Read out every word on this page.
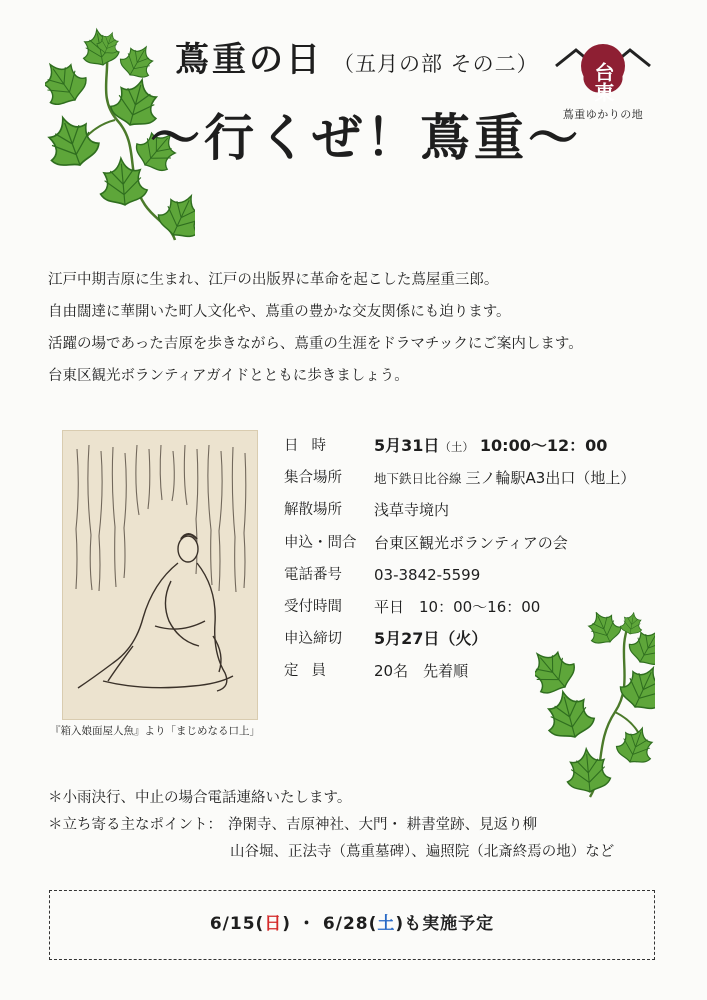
蔦重の日 （五月の部 その二）
～行くぜ！蔦重～
台東
蔦重ゆかりの地

江戸中期吉原に生まれ、江戸の出版界に革命を起こした蔦屋重三郎。

自由闊達に華開いた町人文化や、蔦重の豊かな交友関係にも迫ります。

活躍の場であった吉原を歩きながら、蔦重の生涯をドラマチックにご案内します。

台東区観光ボランティアガイドとともに歩きましょう。

『箱入娘面屋人魚』より「まじめなる口上」
日時	5月31日（土） 10:00～12：00
集合場所	地下鉄日比谷線 三ノ輪駅A3出口（地上）
解散場所	浅草寺境内
申込・問合	台東区観光ボランティアの会
電話番号	03-3842-5599
受付時間	平日　10：00～16：00
申込締切	5月27日（火）
定員	20名　先着順
＊小雨決行、中止の場合電話連絡いたします。
＊立ち寄る主なポイント： 浄閑寺、吉原神社、大門・ 耕書堂跡、見返り柳
山谷堀、正法寺（蔦重墓碑）、遍照院（北斎終焉の地）など
6/15(日) ・ 6/28(土)も実施予定
